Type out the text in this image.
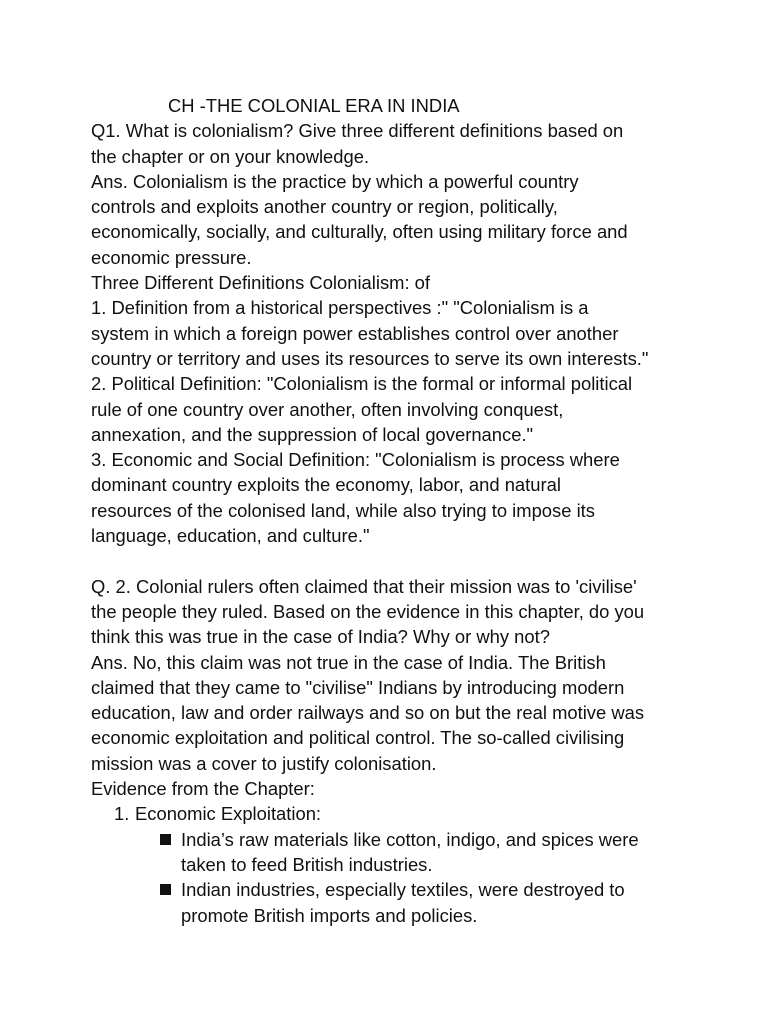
CH -THE COLONIAL ERA IN INDIA
Q1. What is colonialism? Give three different definitions based on
the chapter or on your knowledge.
Ans. Colonialism is the practice by which a powerful country
controls and exploits another country or region, politically,
economically, socially, and culturally, often using military force and
economic pressure.
Three Different Definitions Colonialism: of
1. Definition from a historical perspectives :" "Colonialism is a
system in which a foreign power establishes control over another
country or territory and uses its resources to serve its own interests."
2. Political Definition: "Colonialism is the formal or informal political
rule of one country over another, often involving conquest,
annexation, and the suppression of local governance."
3. Economic and Social Definition: "Colonialism is process where
dominant country exploits the economy, labor, and natural
resources of the colonised land, while also trying to impose its
language, education, and culture."
Q. 2. Colonial rulers often claimed that their mission was to 'civilise'
the people they ruled. Based on the evidence in this chapter, do you
think this was true in the case of India? Why or why not?
Ans. No, this claim was not true in the case of India. The British
claimed that they came to "civilise" Indians by introducing modern
education, law and order railways and so on but the real motive was
economic exploitation and political control. The so-called civilising
mission was a cover to justify colonisation.
Evidence from the Chapter:
1. Economic Exploitation:
India’s raw materials like cotton, indigo, and spices were
taken to feed British industries.
Indian industries, especially textiles, were destroyed to
promote British imports and policies.
